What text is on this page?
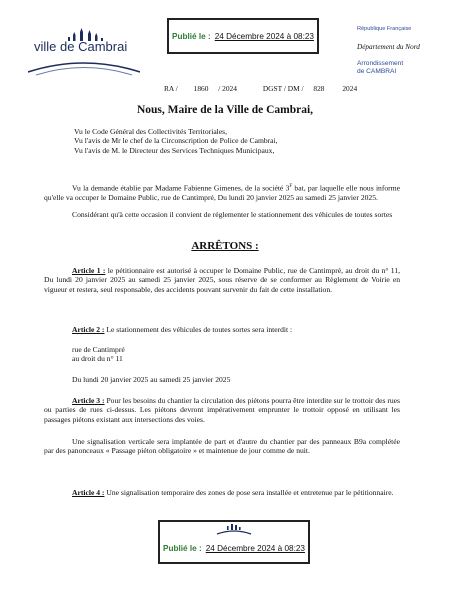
Publié le : 24 Décembre 2024 à 08:23
ville de Cambrai
République Française
Département du Nord
Arrondissement
de CAMBRAI
RA / 1860 / 2024	DGST / DM / 828 2024
Nous, Maire de la Ville de Cambrai,
Vu le Code Général des Collectivités Territoriales,
Vu l'avis de Mr le chef de la Circonscription de Police de Cambrai,
Vu l'avis de M. le Directeur des Services Techniques Municipaux,
Vu la demande établie par Madame Fabienne Gimenes, de la société $3^F$ bat, par laquelle elle nous informe qu'elle va occuper le Domaine Public, rue de Cantimpré, Du lundi 20 janvier 2025 au samedi 25 janvier 2025.
Considérant qu'à cette occasion il convient de réglementer le stationnement des véhicules de toutes sortes
ARRÊTONS :
Article 1 : le pétitionnaire est autorisé à occuper le Domaine Public, rue de Cantimpré, au droit du n° 11, Du lundi 20 janvier 2025 au samedi 25 janvier 2025, sous réserve de se conformer au Règlement de Voirie en vigueur et restera, seul responsable, des accidents pouvant survenir du fait de cette installation.
Article 2 : Le stationnement des véhicules de toutes sortes sera interdit :
rue de Cantimpré
au droit du n° 11
Du lundi 20 janvier 2025 au samedi 25 janvier 2025
Article 3 : Pour les besoins du chantier la circulation des piétons pourra être interdite sur le trottoir des rues ou parties de rues ci-dessus. Les piétons devront impérativement emprunter le trottoir opposé en utilisant les passages piétons existant aux intersections des voies.
Une signalisation verticale sera implantée de part et d'autre du chantier par des panneaux B9a complétée par des panonceaux « Passage piéton obligatoire » et maintenue de jour comme de nuit.
Article 4 : Une signalisation temporaire des zones de pose sera installée et entretenue par le pétitionnaire.
Publié le : 24 Décembre 2024 à 08:23
